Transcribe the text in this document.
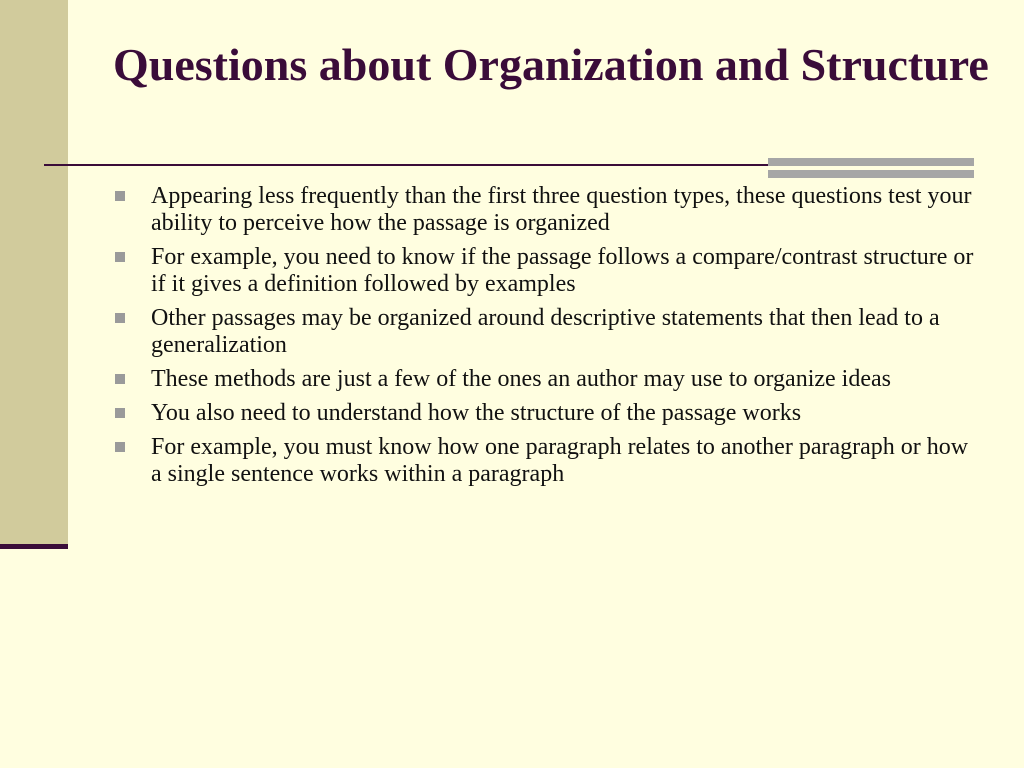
Questions about Organization and Structure
Appearing less frequently than the first three question types, these questions test your ability to perceive how the passage is organized
For example, you need to know if the passage follows a compare/contrast structure or if it gives a definition followed by examples
Other passages may be organized around descriptive statements that then lead to a generalization
These methods are just a few of the ones an author may use to organize ideas
You also need to understand how the structure of the passage works
For example, you must know how one paragraph relates to another paragraph or how a single sentence works within a paragraph
